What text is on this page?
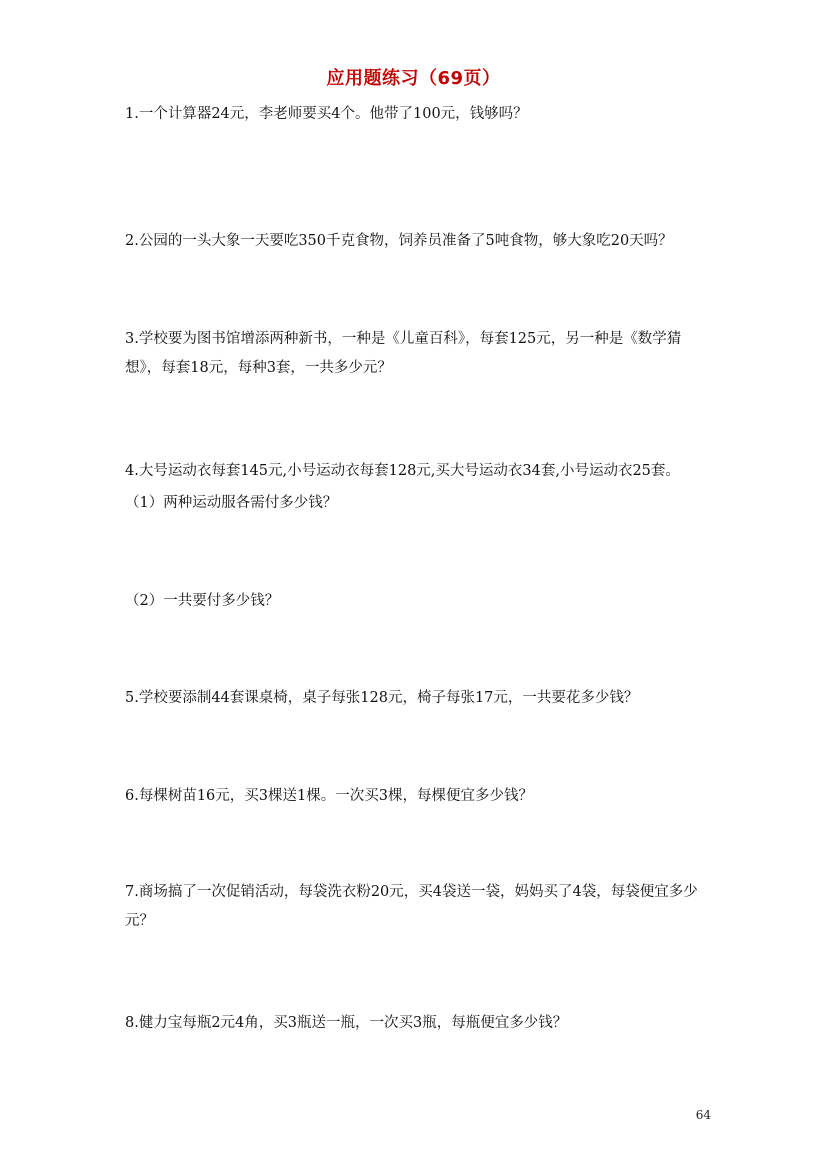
应用题练习（69页）
1.一个计算器24元，李老师要买4个。他带了100元，钱够吗？
2.公园的一头大象一天要吃350千克食物，饲养员准备了5吨食物，够大象吃20天吗？
3.学校要为图书馆增添两种新书，一种是《儿童百科》，每套125元，另一种是《数学猜想》，每套18元，每种3套，一共多少元？
4.大号运动衣每套145元,小号运动衣每套128元,买大号运动衣34套,小号运动衣25套。
（1）两种运动服各需付多少钱？
（2）一共要付多少钱？
5.学校要添制44套课桌椅，桌子每张128元，椅子每张17元，一共要花多少钱？
6.每棵树苗16元，买3棵送1棵。一次买3棵，每棵便宜多少钱？
7.商场搞了一次促销活动，每袋洗衣粉20元，买4袋送一袋，妈妈买了4袋，每袋便宜多少元？
8.健力宝每瓶2元4角，买3瓶送一瓶，一次买3瓶，每瓶便宜多少钱？
64
